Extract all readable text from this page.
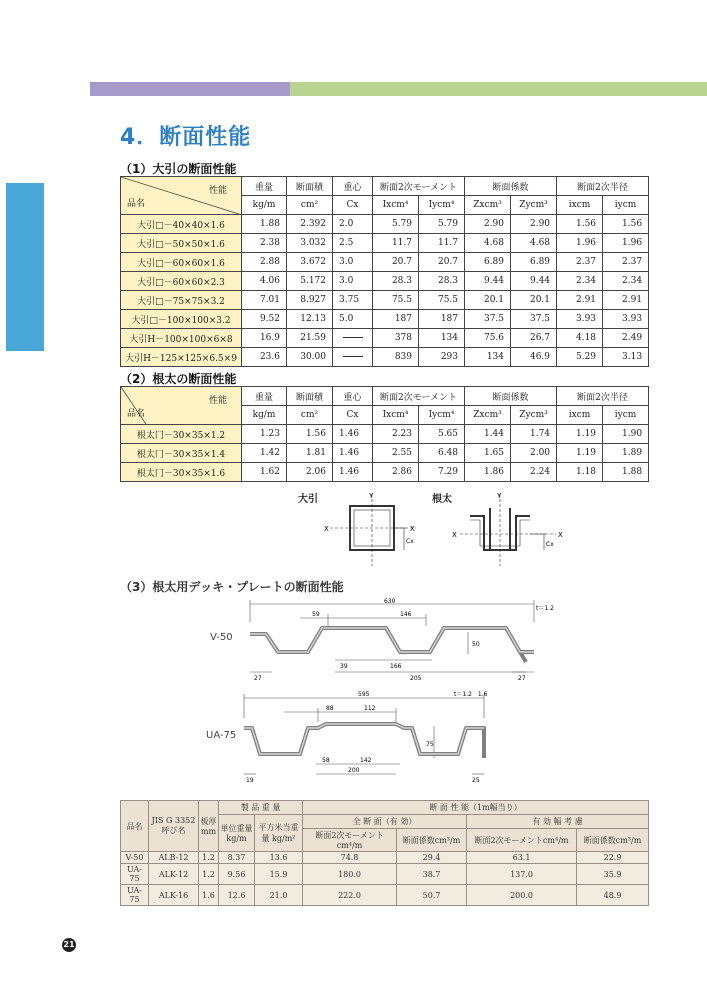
4．断面性能
（1）大引の断面性能
性能
品名	重量	断面積	重心	断面2次モーメント		断面係数		断面2次半径	
	kg/m	cm²	Cx	Ixcm⁴	Iycm⁴	Zxcm³	Zycm³	ixcm	iycm
大引□－40×40×1.6	1.88	2.392	2.0	5.79	5.79	2.90	2.90	1.56	1.56
大引□－50×50×1.6	2.38	3.032	2.5	11.7	11.7	4.68	4.68	1.96	1.96
大引□－60×60×1.6	2.88	3.672	3.0	20.7	20.7	6.89	6.89	2.37	2.37
大引□－60×60×2.3	4.06	5.172	3.0	28.3	28.3	9.44	9.44	2.34	2.34
大引□－75×75×3.2	7.01	8.927	3.75	75.5	75.5	20.1	20.1	2.91	2.91
大引□－100×100×3.2	9.52	12.13	5.0	187	187	37.5	37.5	3.93	3.93
大引H－100×100×6×8	16.9	21.59		378	134	75.6	26.7	4.18	2.49
大引H－125×125×6.5×9	23.6	30.00		839	293	134	46.9	5.29	3.13
（2）根太の断面性能
性能
品名	重量	断面積	重心	断面2次モーメント		断面係数		断面2次半径	
	kg/m	cm²	Cx	Ixcm⁴	Iycm⁴	Zxcm³	Zycm³	ixcm	iycm
根太冂－30×35×1.2	1.23	1.56	1.46	2.23	5.65	1.44	1.74	1.19	1.90
根太冂－30×35×1.4	1.42	1.81	1.46	2.55	6.48	1.65	2.00	1.19	1.89
根太冂－30×35×1.6	1.62	2.06	1.46	2.86	7.29	1.86	2.24	1.18	1.88
大引	根太
Y
X	X
Cx
Y
X	X
Cx
（3）根太用デッキ・プレートの断面性能
V-50
630
146
59
39	166
205
27	27
50
t＝1.2
UA-75
595
112
88
58	142
200
19	25
75
t＝1.2　1.6
品名	JIS G 3352 呼び名	板厚 mm	製 品 重 量		断 面 性 能（1m幅当り）			
			単位重量 kg/m	平方米当重量 kg/m²	全 断 面（有 効）		有 効 幅 考 慮	
					断面2次モーメントcm⁴/m	断面係数cm³/m	断面2次モーメントcm⁴/m	断面係数cm³/m
V-50	ALB-12	1.2	8.37	13.6	74.8	29.4	63.1	22.9
UA-75	ALK-12	1.2	9.56	15.9	180.0	38.7	137.0	35.9
UA-75	ALK-16	1.6	12.6	21.0	222.0	50.7	200.0	48.9
21
